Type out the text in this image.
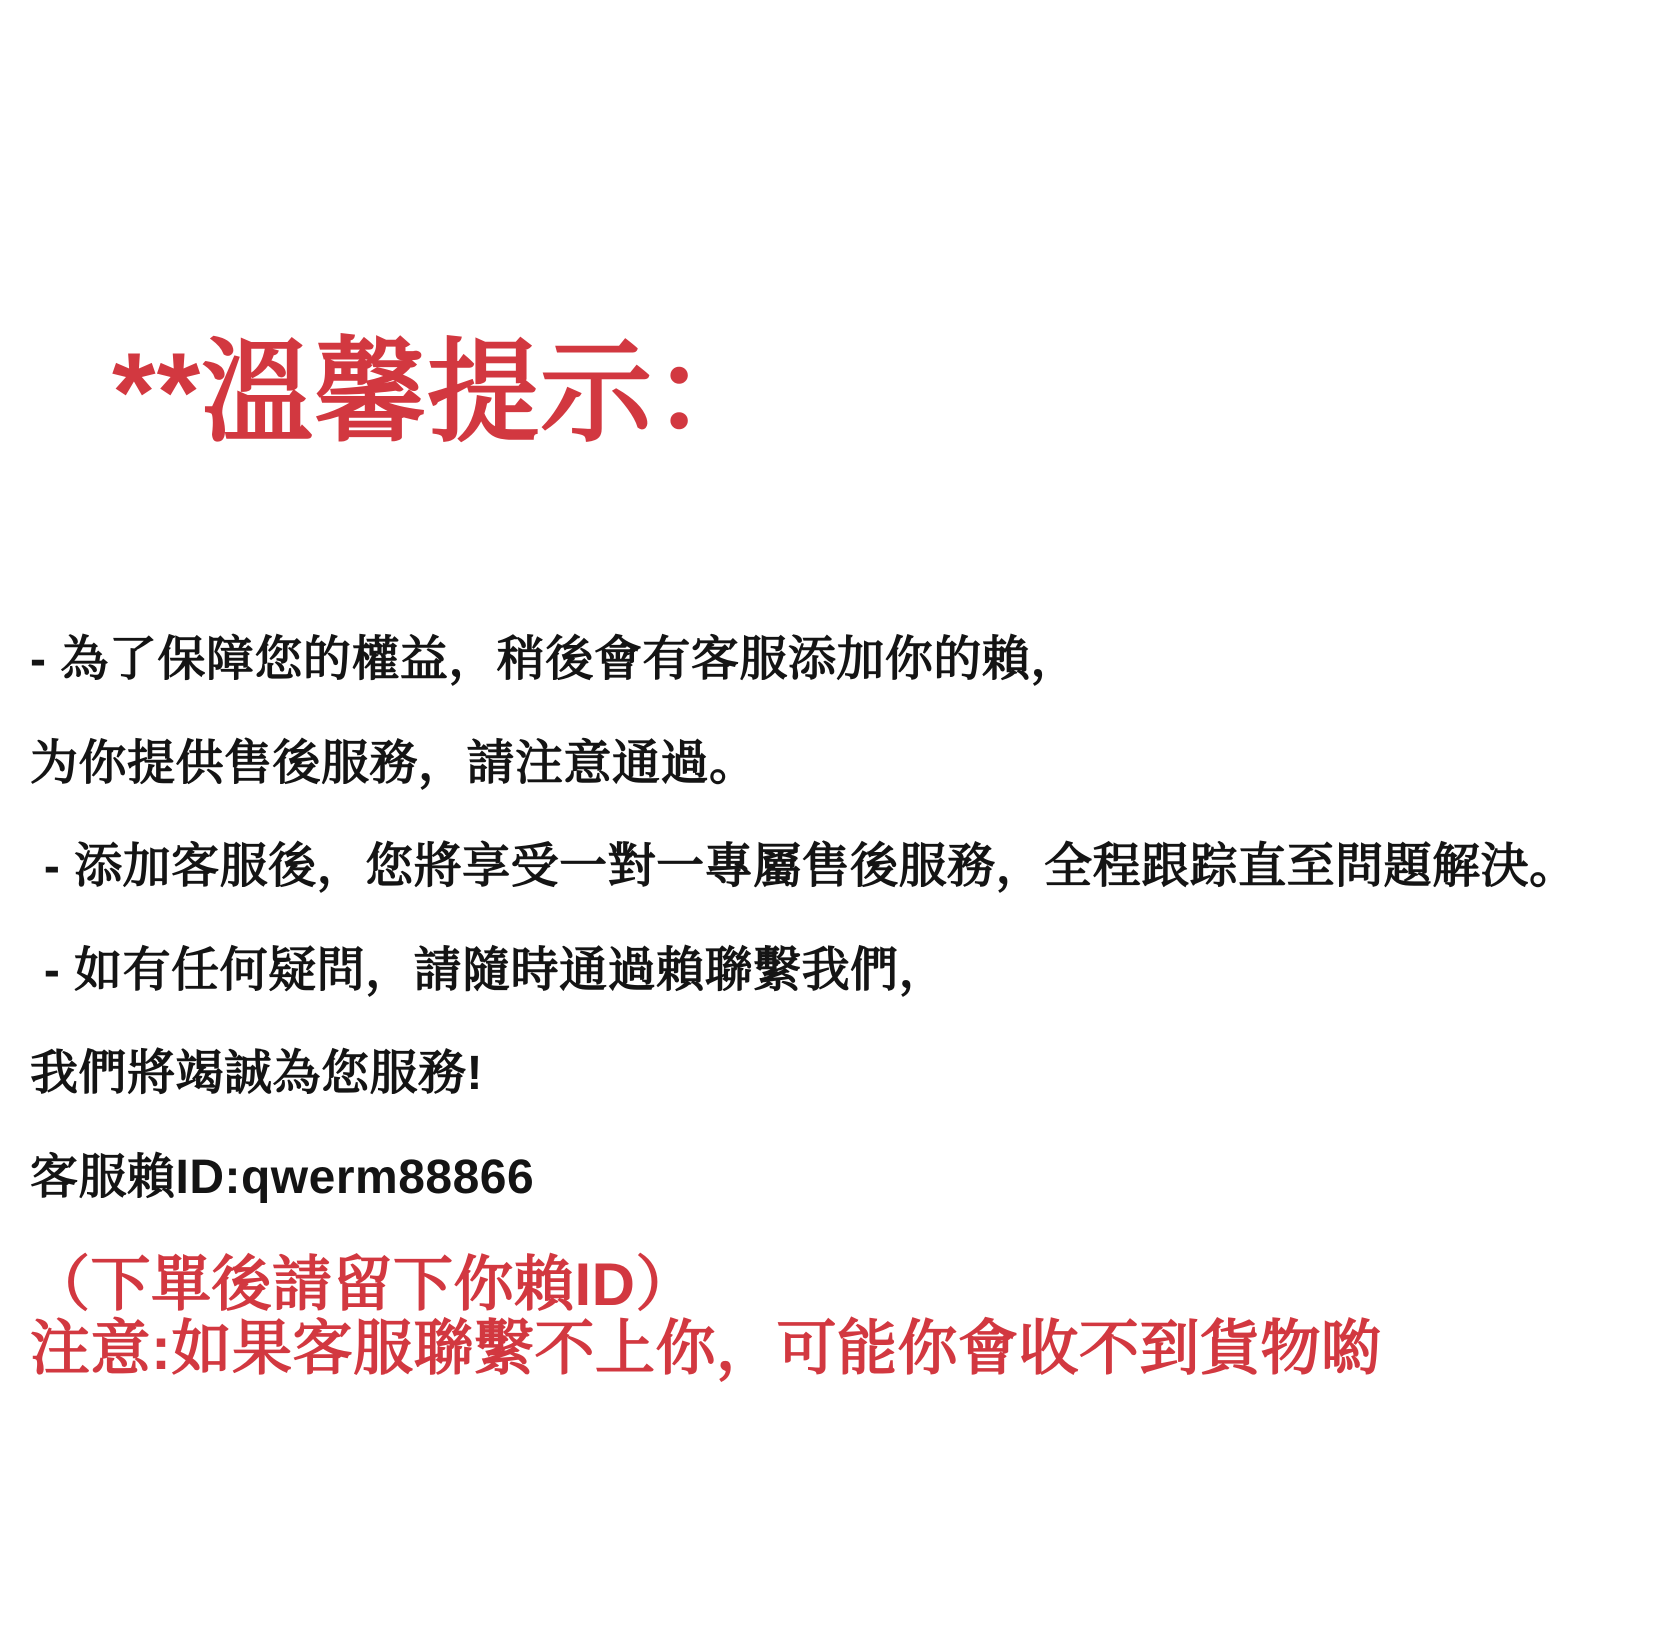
**溫馨提示：

- 為了保障您的權益，稍後會有客服添加你的賴，

为你提供售後服務，請注意通過。

- 添加客服後，您將享受一對一專屬售後服務，全程跟踪直至問題解決。

- 如有任何疑問，請隨時通過賴聯繫我們，

我們將竭誠為您服務!

客服賴ID:qwerm88866

（下單後請留下你賴ID）

注意:如果客服聯繫不上你，可能你會收不到貨物喲
